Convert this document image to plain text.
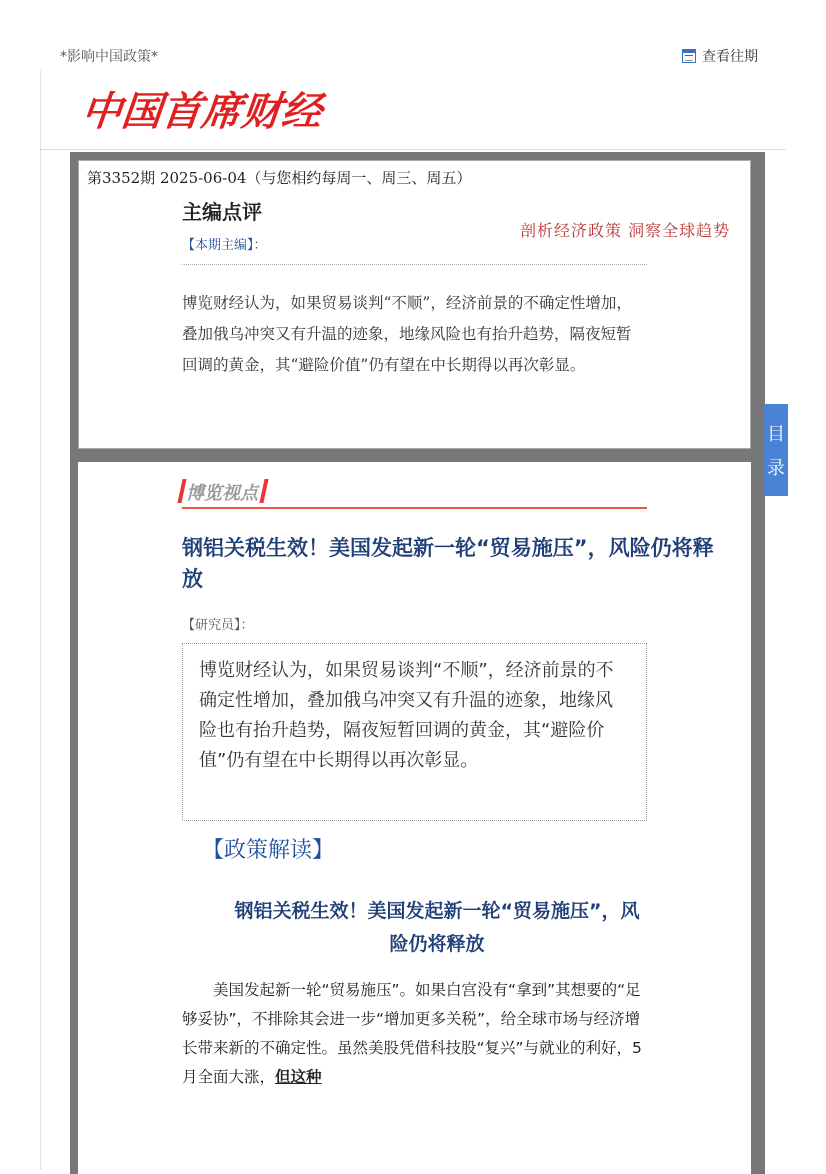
*影响中国政策*	查看往期
中国首席财经
第3352期 2025-06-04（与您相约每周一、周三、周五）
主编点评
剖析经济政策 洞察全球趋势
【本期主编】：
博览财经认为，如果贸易谈判“不顺”，经济前景的不确定性增加，叠加俄乌冲突又有升温的迹象，地缘风险也有抬升趋势，隔夜短暂回调的黄金，其“避险价值”仍有望在中长期得以再次彰显。
目
录
博览视点
钢铝关税生效！美国发起新一轮“贸易施压”，风险仍将释放
【研究员】：
博览财经认为，如果贸易谈判“不顺”，经济前景的不确定性增加，叠加俄乌冲突又有升温的迹象，地缘风险也有抬升趋势，隔夜短暂回调的黄金，其“避险价值”仍有望在中长期得以再次彰显。
【政策解读】
钢铝关税生效！美国发起新一轮“贸易施压”，风险仍将释放
美国发起新一轮“贸易施压”。如果白宫没有“拿到”其想要的“足够妥协”，不排除其会进一步“增加更多关税”，给全球市场与经济增长带来新的不确定性。虽然美股凭借科技股“复兴”与就业的利好，5月全面大涨，但这种
